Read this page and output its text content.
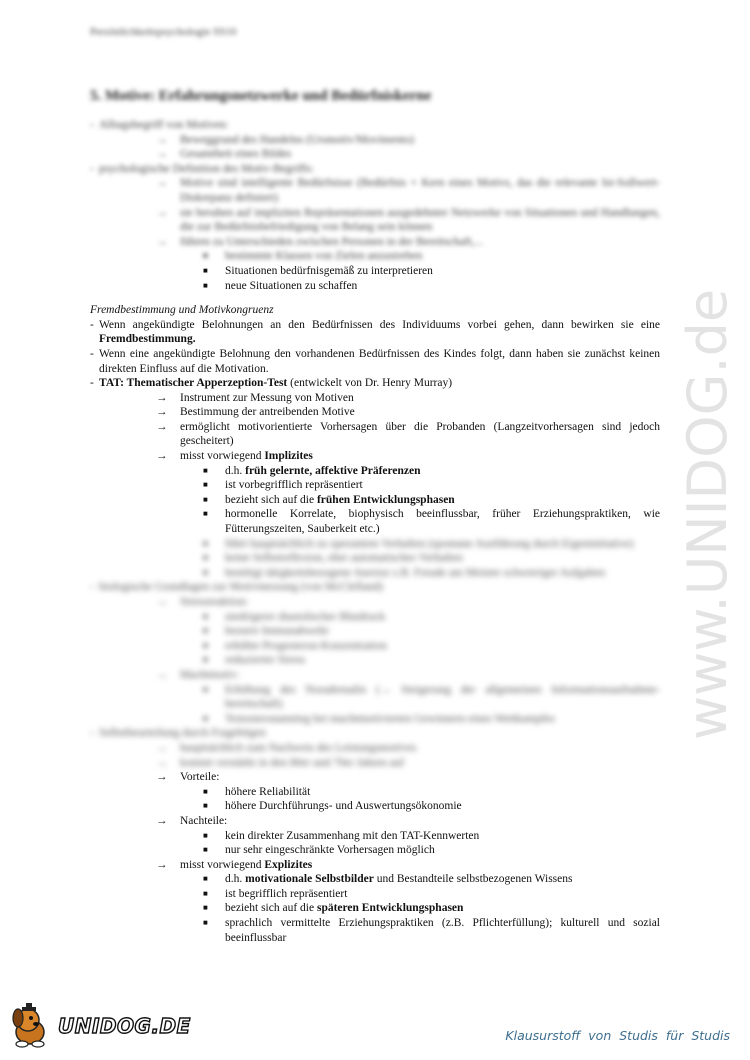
Persönlichkeitspsychologie SS10
5. Motive: Erfahrungsnetzwerke und Bedürfniskerne
- Alltagsbegriff von Motiven:
→	Beweggrund des Handelns (Ursmotiv/Movimento)
→	Gesamtheit eines Bildes
- psychologische Definition des Motiv-Begriffs:
→	Motive sind intelligente Bedürfnisse (Bedürfnis + Kern eines Motivs, das die relevante Ist-Sollwert-Diskrepanz definiert)
→	sie beruhen auf impliziten Repräsentationen ausgedehnter Netzwerke von Situationen und Handlungen, die zur Bedürfnisbefriedigung von Belang sein können
→	führen zu Unterschieden zwischen Personen in der Bereitschaft,...
■ bestimmte Klassen von Zielen anzustreben
■ Situationen bedürfnisgemäß zu interpretieren
■ neue Situationen zu schaffen
Fremdbestimmung und Motivkongruenz
- Wenn angekündigte Belohnungen an den Bedürfnissen des Individuums vorbei gehen, dann bewirken sie eine Fremdbestimmung.
- Wenn eine angekündigte Belohnung den vorhandenen Bedürfnissen des Kindes folgt, dann haben sie zunächst keinen direkten Einfluss auf die Motivation.
- TAT: Thematischer Apperzeption-Test (entwickelt von Dr. Henry Murray)
→	Instrument zur Messung von Motiven
→	Bestimmung der antreibenden Motive
→	ermöglicht motivorientierte Vorhersagen über die Probanden (Langzeitvorhersagen sind jedoch gescheitert)
→	misst vorwiegend Implizites
■ d.h. früh gelernte, affektive Präferenzen
■ ist vorbegrifflich repräsentiert
■ bezieht sich auf die frühen Entwicklungsphasen
■ hormonelle Korrelate, biophysisch beeinflussbar, früher Erziehungspraktiken, wie Fütterungszeiten, Sauberkeit etc.)
■ führt hauptsächlich zu operantem Verhalten (spontane Ausführung durch Eigeninitiative)
■ keine Selbstreflexion, eher automatisches Verhalten
■ benötigt tätigkeitsbezogene Anreize z.B. Freude am Meister schwieriger Aufgaben
- biologische Grundlagen zur Motivmessung (von McClelland)
→	Stressreaktion:
■ niedrigerer diastolischer Blutdruck
■ bessere Immunabwehr
■ erhöhte Progesteron-Konzentration
■ reduzierter Stress
→	Machtmotiv:
■ Erhöhung des Noradrenalin (→ Steigerung der allgemeinen Informationsaufnahme-bereitschaft)
■ Testosteronanstieg bei machtmotivierten Gewinnern eines Wettkampfes
- Selbstbeurteilung durch Fragebögen
→	hauptsächlich zum Nachweis des Leistungsmotives
→	kommt verstärkt in den 80er und 70er Jahren auf
→	Vorteile:
■ höhere Reliabilität
■ höhere Durchführungs- und Auswertungsökonomie
→	Nachteile:
■ kein direkter Zusammenhang mit den TAT-Kennwerten
■ nur sehr eingeschränkte Vorhersagen möglich
→	misst vorwiegend Explizites
■ d.h. motivationale Selbstbilder und Bestandteile selbstbezogenen Wissens
■ ist begrifflich repräsentiert
■ bezieht sich auf die späteren Entwicklungsphasen
■ sprachlich vermittelte Erziehungspraktiken (z.B. Pflichterfüllung); kulturell und sozial beeinflussbar
www.UNIDOG.de
UNIDOG.DE	Klausurstoff von Studis für Studis
